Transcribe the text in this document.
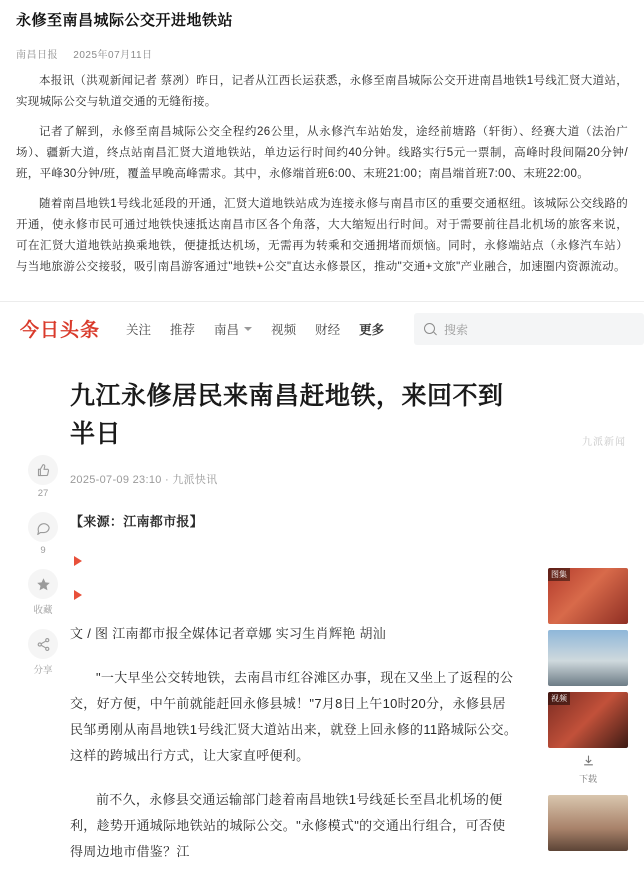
永修至南昌城际公交开进地铁站
南昌日报 2025年07月11日

本报讯（洪观新闻记者 蔡冽）昨日，记者从江西长运获悉，永修至南昌城际公交开进南昌地铁1号线汇贤大道站，实现城际公交与轨道交通的无缝衔接。

记者了解到，永修至南昌城际公交全程约26公里，从永修汽车站始发，途经前塘路（轩街）、经赛大道（法治广场）、疆新大道，终点站南昌汇贤大道地铁站，单边运行时间约40分钟。线路实行5元一票制，高峰时段间隔20分钟/班，平峰30分钟/班，覆盖早晚高峰需求。其中，永修端首班6:00、末班21:00；南昌端首班7:00、末班22:00。

随着南昌地铁1号线北延段的开通，汇贤大道地铁站成为连接永修与南昌市区的重要交通枢纽。该城际公交线路的开通，使永修市民可通过地铁快速抵达南昌市区各个角落，大大缩短出行时间。对于需要前往昌北机场的旅客来说，可在汇贤大道地铁站换乘地铁，便捷抵达机场，无需再为转乘和交通拥堵而烦恼。同时，永修端站点（永修汽车站）与当地旅游公交接驳，吸引南昌游客通过"地铁+公交"直达永修景区，推动"交通+文旅"产业融合，加速圈内资源流动。

今日头条 关注 推荐 南昌	视频 财经 更多	搜索
27
9
收藏
分享
九江永修居民来南昌赶地铁，来回不到半日
2025-07-09 23:10 · 九派快讯

【来源：江南都市报】

文 / 图 江南都市报全媒体记者章娜 实习生肖辉艳 胡汕

"一大早坐公交转地铁，去南昌市红谷滩区办事，现在又坐上了返程的公交，好方便，中午前就能赶回永修县城！"7月8日上午10时20分，永修县居民邹勇刚从南昌地铁1号线汇贤大道站出来，就登上回永修的11路城际公交。这样的跨城出行方式，让大家直呼便利。

前不久，永修县交通运输部门趁着南昌地铁1号线延长至昌北机场的便利，趁势开通城际地铁站的城际公交。"永修模式"的交通出行组合，可否使得周边地市借鉴？江

九派新闻
图集
视频
下载
